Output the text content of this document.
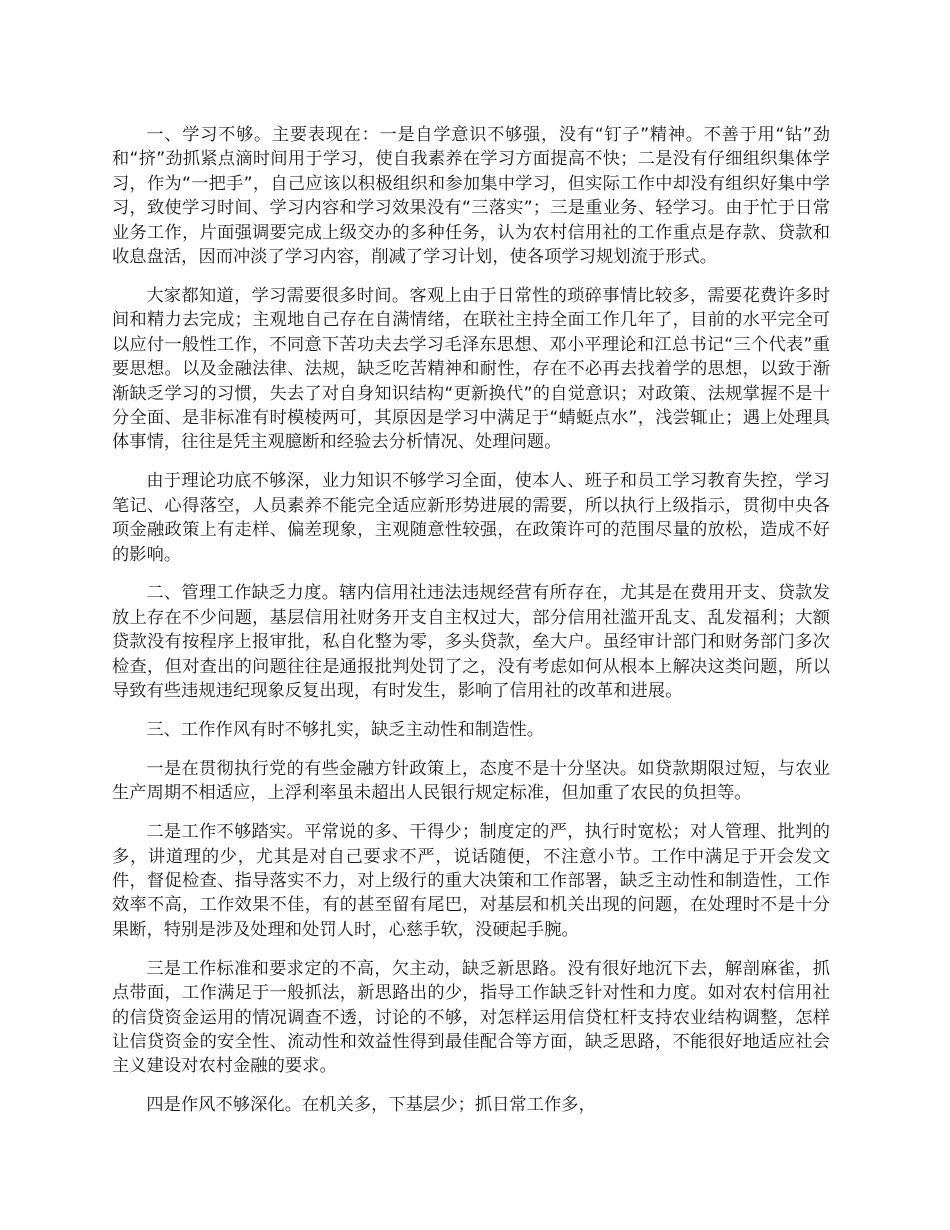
一、学习不够。主要表现在：一是自学意识不够强，没有“钉子”精神。不善于用“钻”劲和“挤”劲抓紧点滴时间用于学习，使自我素养在学习方面提高不快；二是没有仔细组织集体学习，作为“一把手”，自己应该以积极组织和参加集中学习，但实际工作中却没有组织好集中学习，致使学习时间、学习内容和学习效果没有“三落实”；三是重业务、轻学习。由于忙于日常业务工作，片面强调要完成上级交办的多种任务，认为农村信用社的工作重点是存款、贷款和收息盘活，因而冲淡了学习内容，削减了学习计划，使各项学习规划流于形式。

大家都知道，学习需要很多时间。客观上由于日常性的琐碎事情比较多，需要花费许多时间和精力去完成；主观地自己存在自满情绪，在联社主持全面工作几年了，目前的水平完全可以应付一般性工作，不同意下苦功夫去学习毛泽东思想、邓小平理论和江总书记“三个代表”重要思想。以及金融法律、法规，缺乏吃苦精神和耐性，存在不必再去找着学的思想，以致于渐渐缺乏学习的习惯，失去了对自身知识结构“更新换代”的自觉意识；对政策、法规掌握不是十分全面、是非标准有时模棱两可，其原因是学习中满足于“蜻蜓点水”，浅尝辄止；遇上处理具体事情，往往是凭主观臆断和经验去分析情况、处理问题。

由于理论功底不够深，业力知识不够学习全面，使本人、班子和员工学习教育失控，学习笔记、心得落空，人员素养不能完全适应新形势进展的需要，所以执行上级指示，贯彻中央各项金融政策上有走样、偏差现象，主观随意性较强，在政策许可的范围尽量的放松，造成不好的影响。

二、管理工作缺乏力度。辖内信用社违法违规经营有所存在，尤其是在费用开支、贷款发放上存在不少问题，基层信用社财务开支自主权过大，部分信用社滥开乱支、乱发福利；大额贷款没有按程序上报审批，私自化整为零，多头贷款，垒大户。虽经审计部门和财务部门多次检查，但对查出的问题往往是通报批判处罚了之，没有考虑如何从根本上解决这类问题，所以导致有些违规违纪现象反复出现，有时发生，影响了信用社的改革和进展。

三、工作作风有时不够扎实，缺乏主动性和制造性。

一是在贯彻执行党的有些金融方针政策上，态度不是十分坚决。如贷款期限过短，与农业生产周期不相适应，上浮利率虽未超出人民银行规定标准，但加重了农民的负担等。

二是工作不够踏实。平常说的多、干得少；制度定的严，执行时宽松；对人管理、批判的多，讲道理的少，尤其是对自己要求不严，说话随便，不注意小节。工作中满足于开会发文件，督促检查、指导落实不力，对上级行的重大决策和工作部署，缺乏主动性和制造性，工作效率不高，工作效果不佳，有的甚至留有尾巴，对基层和机关出现的问题，在处理时不是十分果断，特别是涉及处理和处罚人时，心慈手软，没硬起手腕。

三是工作标准和要求定的不高，欠主动，缺乏新思路。没有很好地沉下去，解剖麻雀，抓点带面，工作满足于一般抓法，新思路出的少，指导工作缺乏针对性和力度。如对农村信用社的信贷资金运用的情况调查不透，讨论的不够，对怎样运用信贷杠杆支持农业结构调整，怎样让信贷资金的安全性、流动性和效益性得到最佳配合等方面，缺乏思路，不能很好地适应社会主义建设对农村金融的要求。

四是作风不够深化。在机关多，下基层少；抓日常工作多，
